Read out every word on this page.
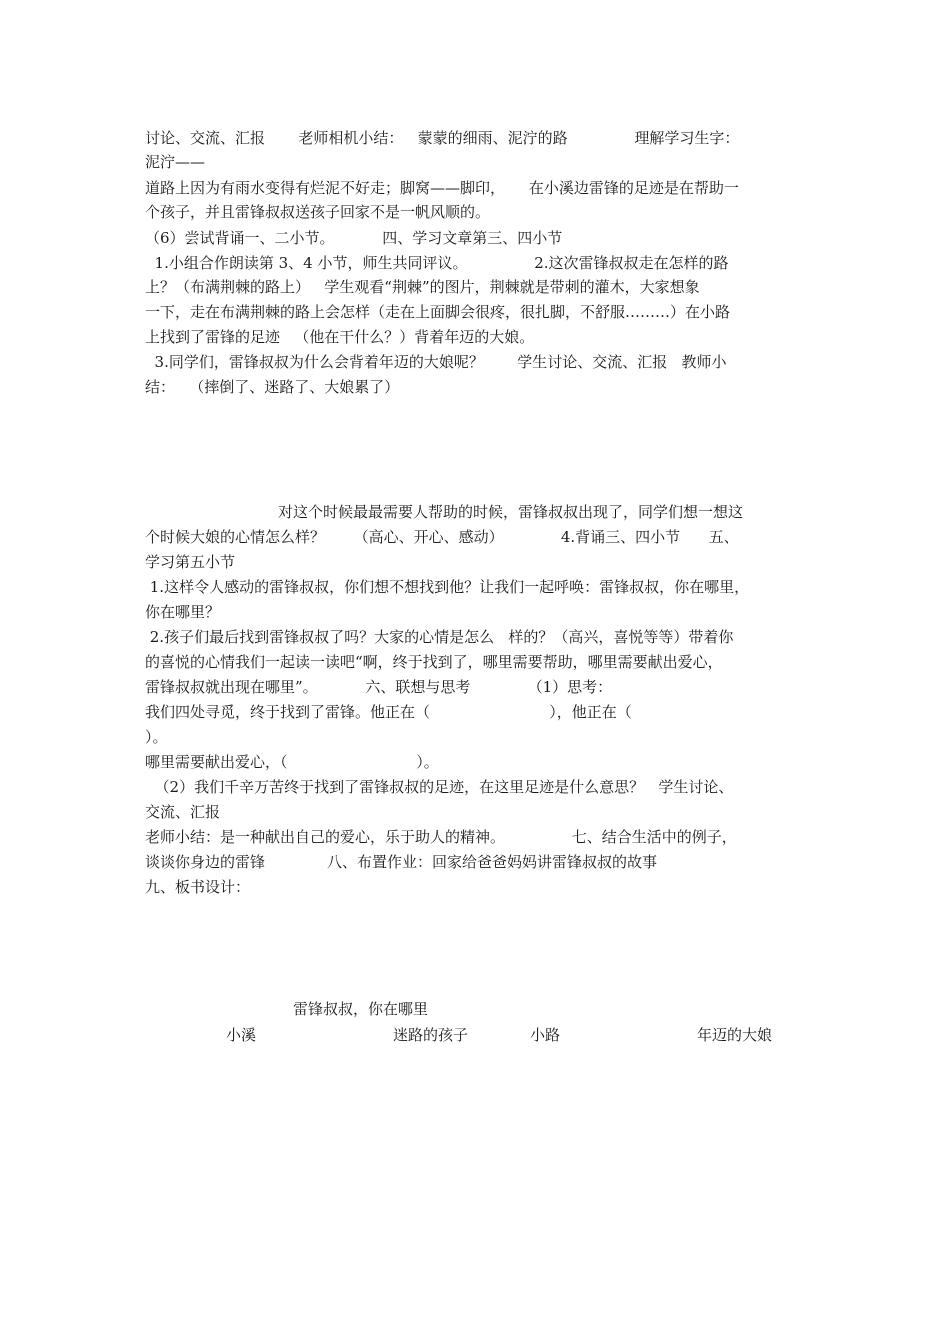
讨论、交流、汇报       老师相机小结：   蒙蒙的细雨、泥泞的路              理解学习生字：
泥泞——
道路上因为有雨水变得有烂泥不好走；脚窝——脚印，     在小溪边雷锋的足迹是在帮助一
个孩子，并且雷锋叔叔送孩子回家不是一帆风顺的。
（6）尝试背诵一、二小节。          四、学习文章第三、四小节
1.小组合作朗读第 3、4 小节，师生共同评议。              2.这次雷锋叔叔走在怎样的路
上？（布满荆棘的路上）   学生观看“荆棘”的图片，荆棘就是带刺的灌木，大家想象
一下，走在布满荆棘的路上会怎样（走在上面脚会很疼，很扎脚，不舒服………）在小路
上找到了雷锋的足迹   （他在干什么？）背着年迈的大娘。
3.同学们，雷锋叔叔为什么会背着年迈的大娘呢？       学生讨论、交流、汇报   教师小
结：   （摔倒了、迷路了、大娘累了）
对这个时候最最需要人帮助的时候，雷锋叔叔出现了，同学们想一想这
个时候大娘的心情怎么样？      （高心、开心、感动）            4.背诵三、四小节      五、
学习第五小节
1.这样令人感动的雷锋叔叔，你们想不想找到他？让我们一起呼唤：雷锋叔叔，你在哪里，
你在哪里？
2.孩子们最后找到雷锋叔叔了吗？大家的心情是怎么   样的？（高兴，喜悦等等）带着你
的喜悦的心情我们一起读一读吧“啊，终于找到了，哪里需要帮助，哪里需要献出爱心，
雷锋叔叔就出现在哪里”。          六、联想与思考            （1）思考：
我们四处寻觅，终于找到了雷锋。他正在（                         ），他正在（
）。
哪里需要献出爱心，（                           ）。
（2）我们千辛万苦终于找到了雷锋叔叔的足迹，在这里足迹是什么意思？   学生讨论、
交流、汇报
老师小结：是一种献出自己的爱心，乐于助人的精神。              七、结合生活中的例子，
谈谈你身边的雷锋             八、布置作业：回家给爸爸妈妈讲雷锋叔叔的故事
九、板书设计：
雷锋叔叔，你在哪里
小溪	迷路的孩子	小路	年迈的大娘
